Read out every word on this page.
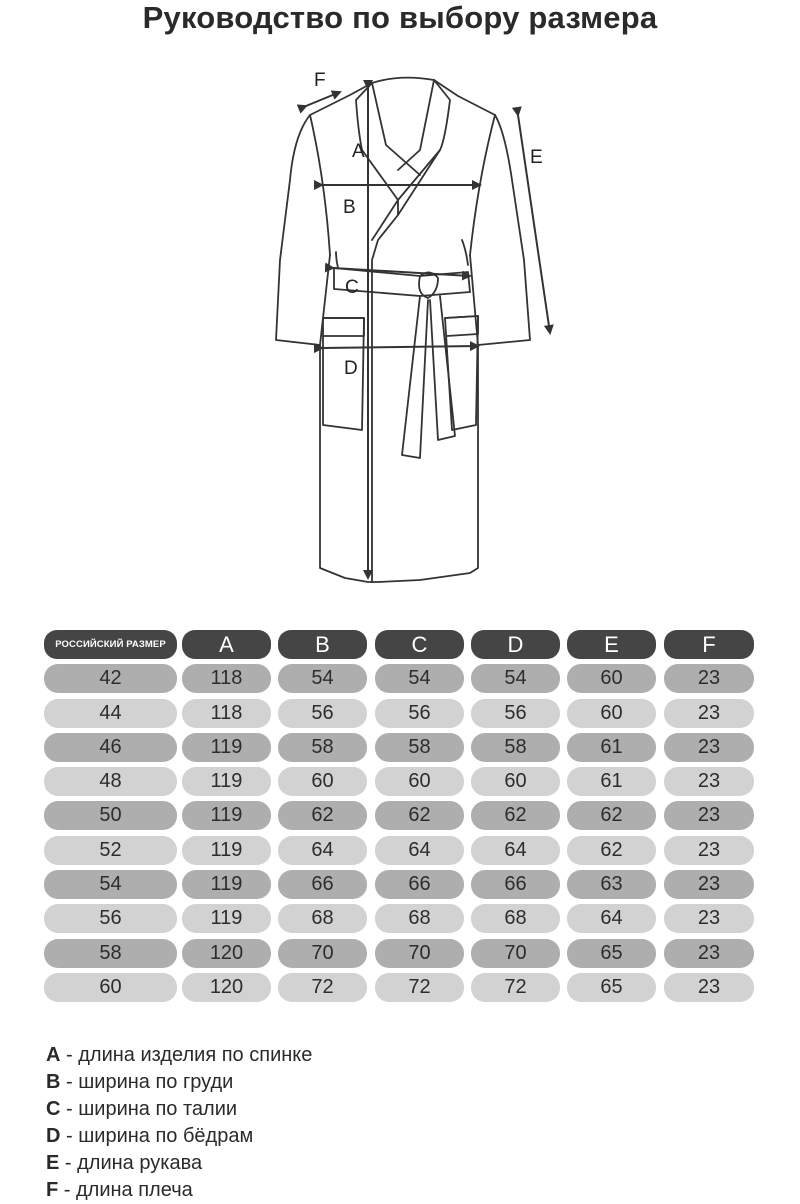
Руководство по выбору размера
A
B
C
D
E
F
РОССИЙСКИЙ РАЗМЕР	A	B	C	D	E	F
42	118	54	54	54	60	23
44	118	56	56	56	60	23
46	119	58	58	58	61	23
48	119	60	60	60	61	23
50	119	62	62	62	62	23
52	119	64	64	64	62	23
54	119	66	66	66	63	23
56	119	68	68	68	64	23
58	120	70	70	70	65	23
60	120	72	72	72	65	23
A - длина изделия по спинке
B - ширина по груди
C - ширина по талии
D - ширина по бёдрам
E - длина рукава
F - длина плеча
